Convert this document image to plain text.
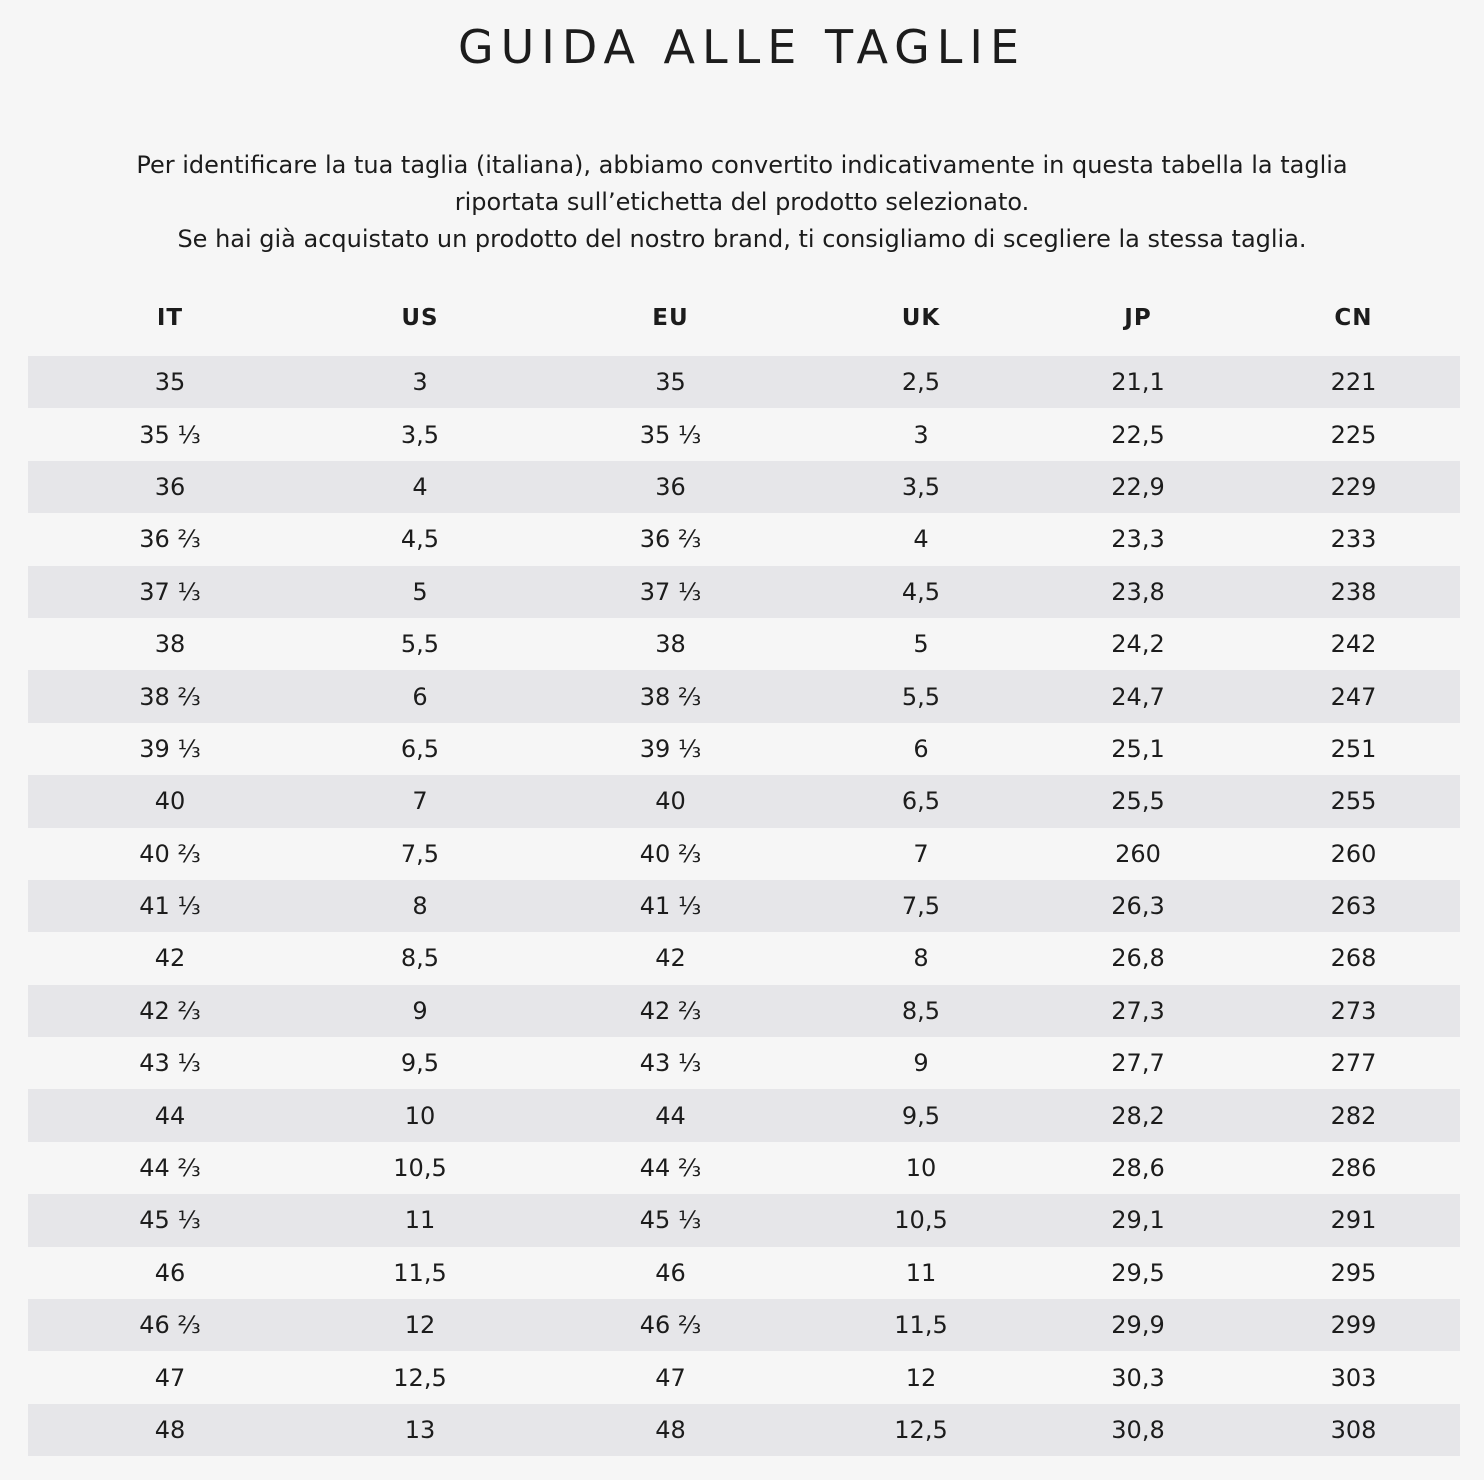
GUIDA ALLE TAGLIE

Per identificare la tua taglia (italiana), abbiamo convertito indicativamente in questa tabella la taglia

riportata sull’etichetta del prodotto selezionato.

Se hai già acquistato un prodotto del nostro brand, ti consigliamo di scegliere la stessa taglia.

IT	US	EU	UK	JP	CN
35	3	35	2,5	21,1	221
35 ⅓	3,5	35 ⅓	3	22,5	225
36	4	36	3,5	22,9	229
36 ⅔	4,5	36 ⅔	4	23,3	233
37 ⅓	5	37 ⅓	4,5	23,8	238
38	5,5	38	5	24,2	242
38 ⅔	6	38 ⅔	5,5	24,7	247
39 ⅓	6,5	39 ⅓	6	25,1	251
40	7	40	6,5	25,5	255
40 ⅔	7,5	40 ⅔	7	260	260
41 ⅓	8	41 ⅓	7,5	26,3	263
42	8,5	42	8	26,8	268
42 ⅔	9	42 ⅔	8,5	27,3	273
43 ⅓	9,5	43 ⅓	9	27,7	277
44	10	44	9,5	28,2	282
44 ⅔	10,5	44 ⅔	10	28,6	286
45 ⅓	11	45 ⅓	10,5	29,1	291
46	11,5	46	11	29,5	295
46 ⅔	12	46 ⅔	11,5	29,9	299
47	12,5	47	12	30,3	303
48	13	48	12,5	30,8	308
